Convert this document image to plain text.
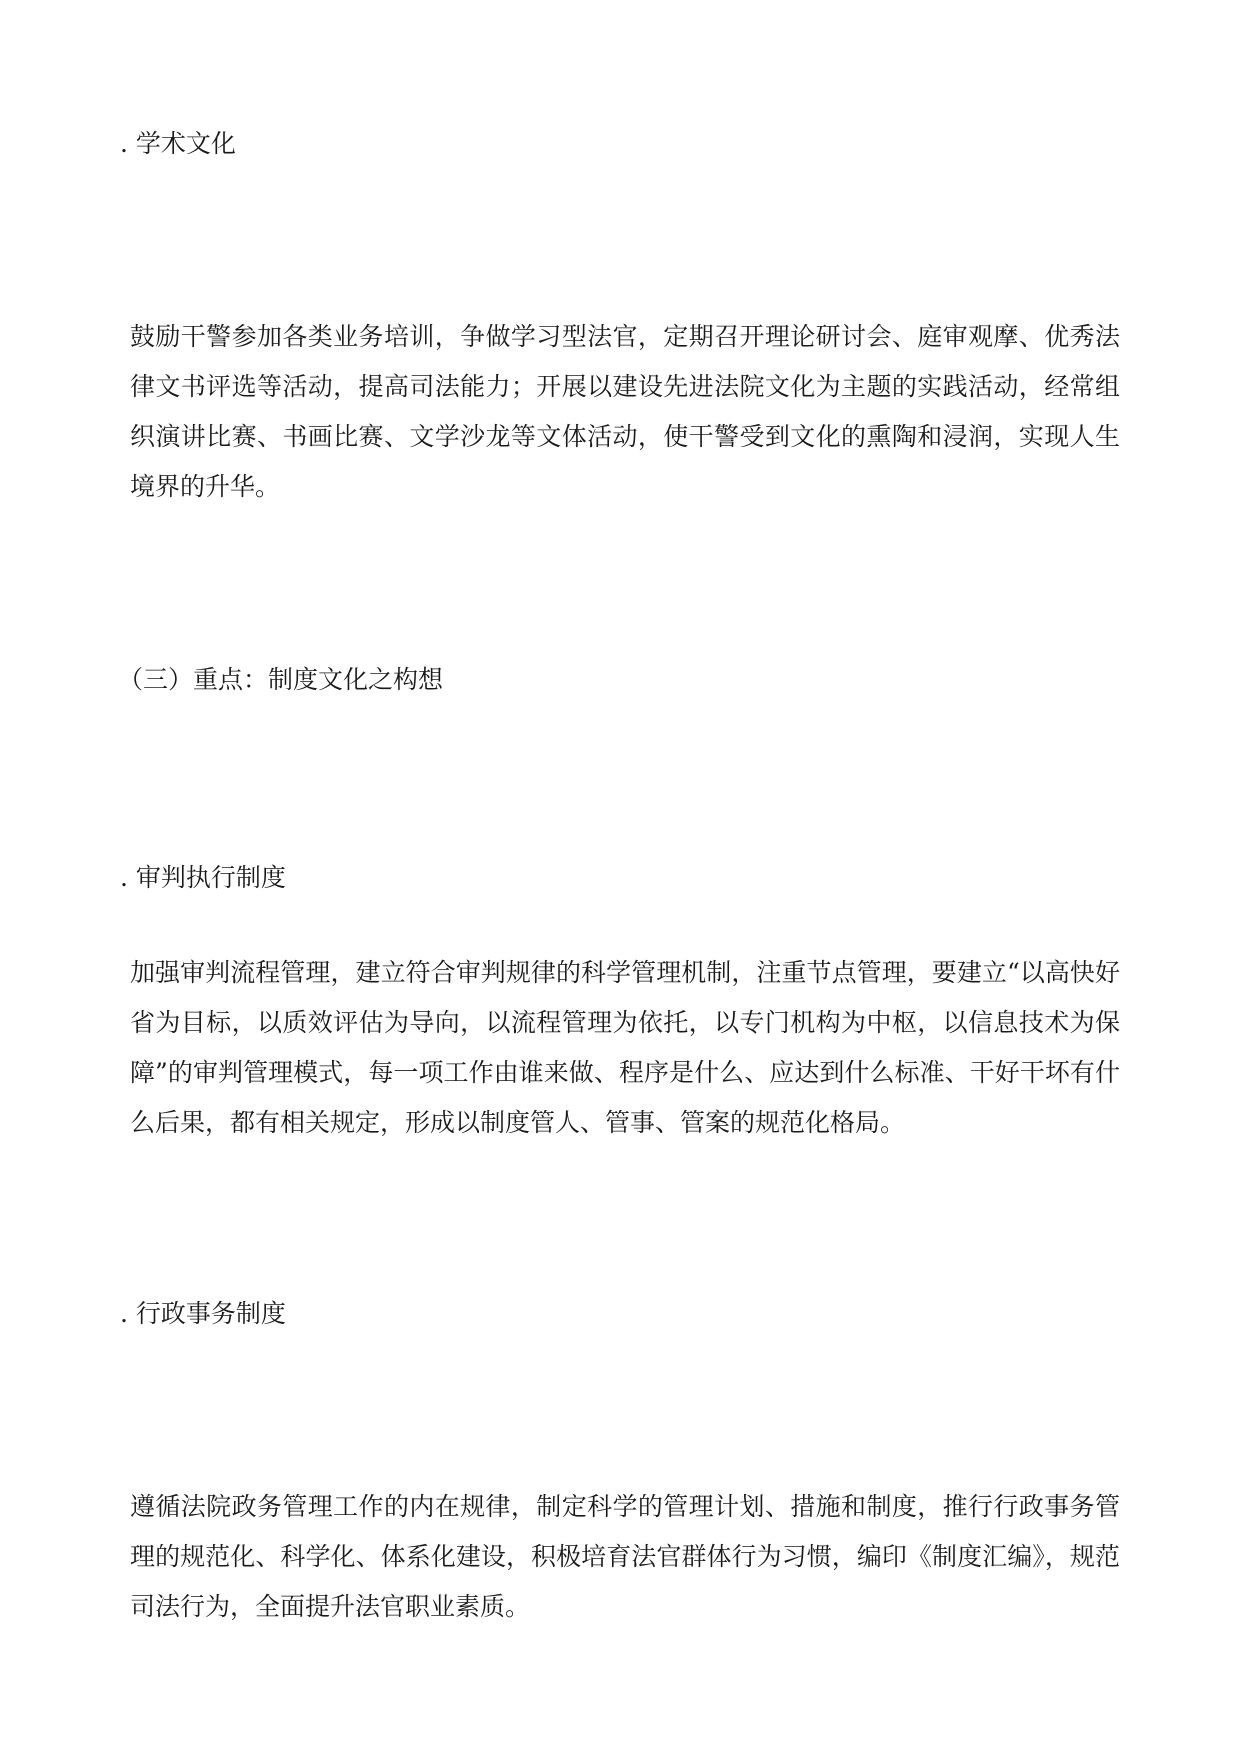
. 学术文化
鼓励干警参加各类业务培训，争做学习型法官，定期召开理论研讨会、庭审观摩、优秀法律文书评选等活动，提高司法能力；开展以建设先进法院文化为主题的实践活动，经常组织演讲比赛、书画比赛、文学沙龙等文体活动，使干警受到文化的熏陶和浸润，实现人生境界的升华。
（三）重点：制度文化之构想
. 审判执行制度
加强审判流程管理，建立符合审判规律的科学管理机制，注重节点管理，要建立“以高快好省为目标，以质效评估为导向，以流程管理为依托，以专门机构为中枢，以信息技术为保障”的审判管理模式，每一项工作由谁来做、程序是什么、应达到什么标准、干好干坏有什么后果，都有相关规定，形成以制度管人、管事、管案的规范化格局。
. 行政事务制度
遵循法院政务管理工作的内在规律，制定科学的管理计划、措施和制度，推行行政事务管理的规范化、科学化、体系化建设，积极培育法官群体行为习惯，编印《制度汇编》，规范司法行为，全面提升法官职业素质。
